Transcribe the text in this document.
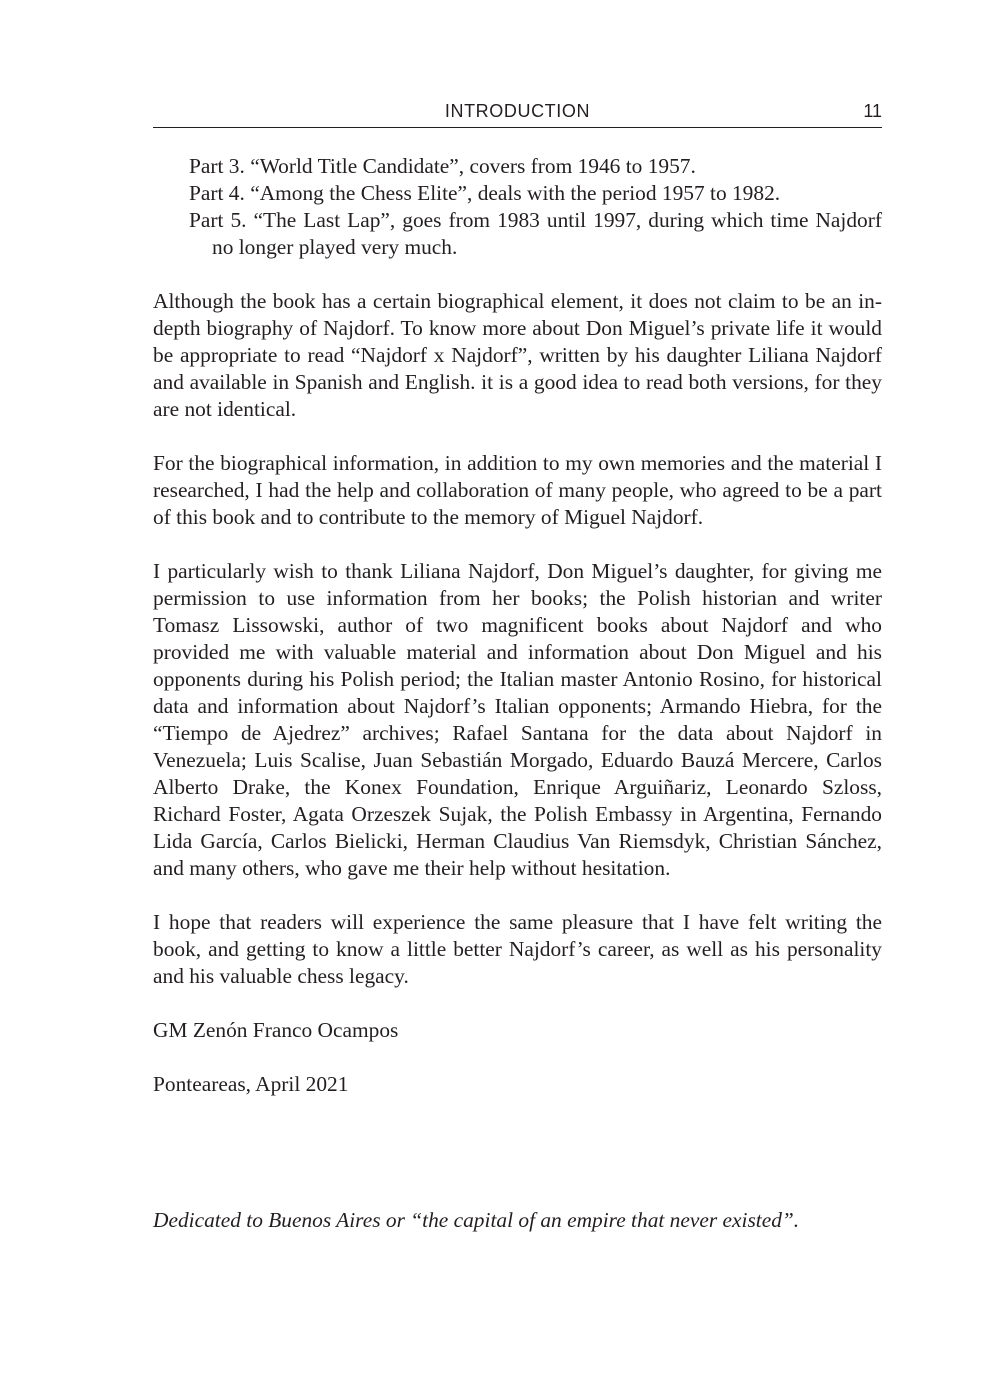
INTRODUCTION	11
Part 3. “World Title Candidate”, covers from 1946 to 1957.
Part 4. “Among the Chess Elite”, deals with the period 1957 to 1982.
Part 5. “The Last Lap”, goes from 1983 until 1997, during which time Najdorf no longer played very much.

Although the book has a certain biographical element, it does not claim to be an in-depth biography of Najdorf. To know more about Don Miguel’s private life it would be appropriate to read “Najdorf x Najdorf”, written by his daughter Liliana Najdorf and available in Spanish and English. it is a good idea to read both versions, for they are not identical.

For the biographical information, in addition to my own memories and the material I researched, I had the help and collaboration of many people, who agreed to be a part of this book and to contribute to the memory of Miguel Najdorf.

I particularly wish to thank Liliana Najdorf, Don Miguel’s daughter, for giving me permission to use information from her books; the Polish historian and writer Tomasz Lissowski, author of two magnificent books about Najdorf and who provided me with valuable material and information about Don Miguel and his opponents during his Polish period; the Italian master Antonio Rosino, for historical data and information about Najdorf’s Italian opponents; Armando Hiebra, for the “Tiempo de Ajedrez” archives; Rafael Santana for the data about Najdorf in Venezuela; Luis Scalise, Juan Sebastián Morgado, Eduardo Bauzá Mercere, Carlos Alberto Drake, the Konex Foundation, Enrique Arguiñariz, Leonardo Szloss, Richard Foster, Agata Orzeszek Sujak, the Polish Embassy in Argentina, Fernando Lida García, Carlos Bielicki, Herman Claudius Van Riemsdyk, Christian Sánchez, and many others, who gave me their help without hesitation.

I hope that readers will experience the same pleasure that I have felt writing the book, and getting to know a little better Najdorf’s career, as well as his personality and his valuable chess legacy.

GM Zenón Franco Ocampos

Ponteareas, April 2021

Dedicated to Buenos Aires or “the capital of an empire that never existed”.
